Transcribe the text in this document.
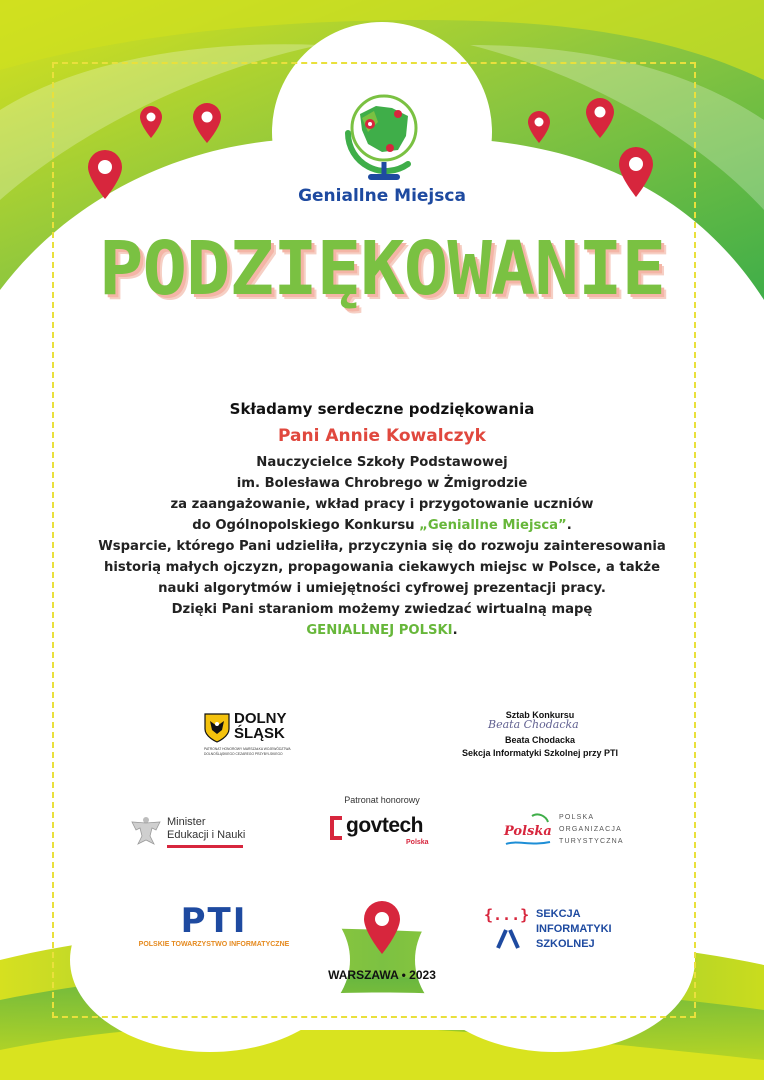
Geniallne Miejsca
PODZIĘKOWANIE
Składamy serdeczne podziękowania
Pani Annie Kowalczyk
Nauczycielce Szkoły Podstawowej
im. Bolesława Chrobrego w Żmigrodzie
za zaangażowanie, wkład pracy i przygotowanie uczniów
do Ogólnopolskiego Konkursu „Geniallne Miejsca”.
Wsparcie, którego Pani udzieliła, przyczynia się do rozwoju zainteresowania
historią małych ojczyzn, propagowania ciekawych miejsc w Polsce, a także
nauki algorytmów i umiejętności cyfrowej prezentacji pracy.
Dzięki Pani staraniom możemy zwiedzać wirtualną mapę
GENIALLNEJ POLSKI.
DOLNY
ŚLĄSK
PATRONAT HONOROWY MARSZAŁKA WOJEWÓDZTWA
DOLNOŚLĄSKIEGO CEZAREGO PRZYBYLSKIEGO
Sztab Konkursu
Beata Chodacka
Beata Chodacka
Sekcja Informatyki Szkolnej przy PTI
Patronat honorowy
Minister
Edukacji i Nauki	govtech
Polska
Polska
POLSKA
ORGANIZACJA
TURYSTYCZNA
PTI
POLSKIE TOWARZYSTWO INFORMATYCZNE
{...} SEKCJA
INFORMATYKI
SZKOLNEJ
WARSZAWA • 2023
